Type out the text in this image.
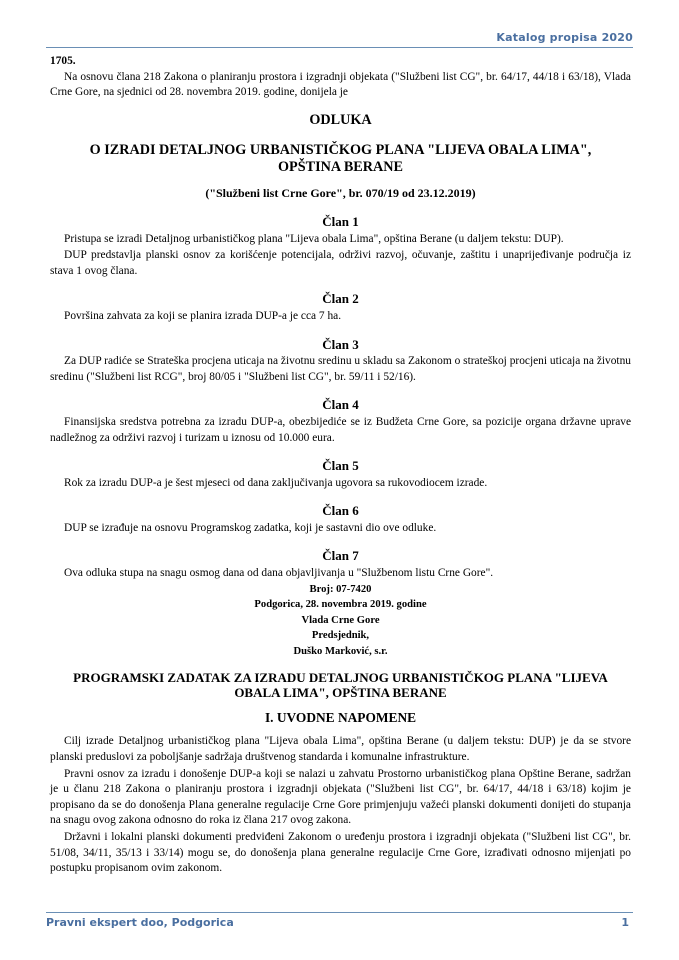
Katalog propisa 2020
1705.

Na osnovu člana 218 Zakona o planiranju prostora i izgradnji objekata ("Službeni list CG", br. 64/17, 44/18 i 63/18), Vlada Crne Gore, na sjednici od 28. novembra 2019. godine, donijela je

ODLUKA
O IZRADI DETALJNOG URBANISTIČKOG PLANA "LIJEVA OBALA LIMA",
OPŠTINA BERANE
("Službeni list Crne Gore", br. 070/19 od 23.12.2019)
Član 1

Pristupa se izradi Detaljnog urbanističkog plana "Lijeva obala Lima", opština Berane (u daljem tekstu: DUP).

DUP predstavlja planski osnov za korišćenje potencijala, održivi razvoj, očuvanje, zaštitu i unaprijeđivanje područja iz stava 1 ovog člana.

Član 2

Površina zahvata za koji se planira izrada DUP-a je cca 7 ha.

Član 3

Za DUP radiće se Strateška procjena uticaja na životnu sredinu u skladu sa Zakonom o strateškoj procjeni uticaja na životnu sredinu ("Službeni list RCG", broj 80/05 i "Službeni list CG", br. 59/11 i 52/16).

Član 4

Finansijska sredstva potrebna za izradu DUP-a, obezbijediće se iz Budžeta Crne Gore, sa pozicije organa državne uprave nadležnog za održivi razvoj i turizam u iznosu od 10.000 eura.

Član 5

Rok za izradu DUP-a je šest mjeseci od dana zaključivanja ugovora sa rukovodiocem izrade.

Član 6

DUP se izrađuje na osnovu Programskog zadatka, koji je sastavni dio ove odluke.

Član 7

Ova odluka stupa na snagu osmog dana od dana objavljivanja u "Službenom listu Crne Gore".

Broj: 07-7420
Podgorica, 28. novembra 2019. godine
Vlada Crne Gore
Predsjednik,
Duško Marković, s.r.
PROGRAMSKI ZADATAK ZA IZRADU DETALJNOG URBANISTIČKOG PLANA "LIJEVA
OBALA LIMA", OPŠTINA BERANE
I. UVODNE NAPOMENE

Cilj izrade Detaljnog urbanističkog plana "Lijeva obala Lima", opština Berane (u daljem tekstu: DUP) je da se stvore planski preduslovi za poboljšanje sadržaja društvenog standarda i komunalne infrastrukture.

Pravni osnov za izradu i donošenje DUP-a koji se nalazi u zahvatu Prostorno urbanističkog plana Opštine Berane, sadržan je u članu 218 Zakona o planiranju prostora i izgradnji objekata ("Službeni list CG", br. 64/17, 44/18 i 63/18) kojim je propisano da se do donošenja Plana generalne regulacije Crne Gore primjenjuju važeći planski dokumenti donijeti do stupanja na snagu ovog zakona odnosno do roka iz člana 217 ovog zakona.

Državni i lokalni planski dokumenti predviđeni Zakonom o uređenju prostora i izgradnji objekata ("Službeni list CG", br. 51/08, 34/11, 35/13 i 33/14) mogu se, do donošenja plana generalne regulacije Crne Gore, izrađivati odnosno mijenjati po postupku propisanom ovim zakonom.

Pravni ekspert doo, Podgorica	1
